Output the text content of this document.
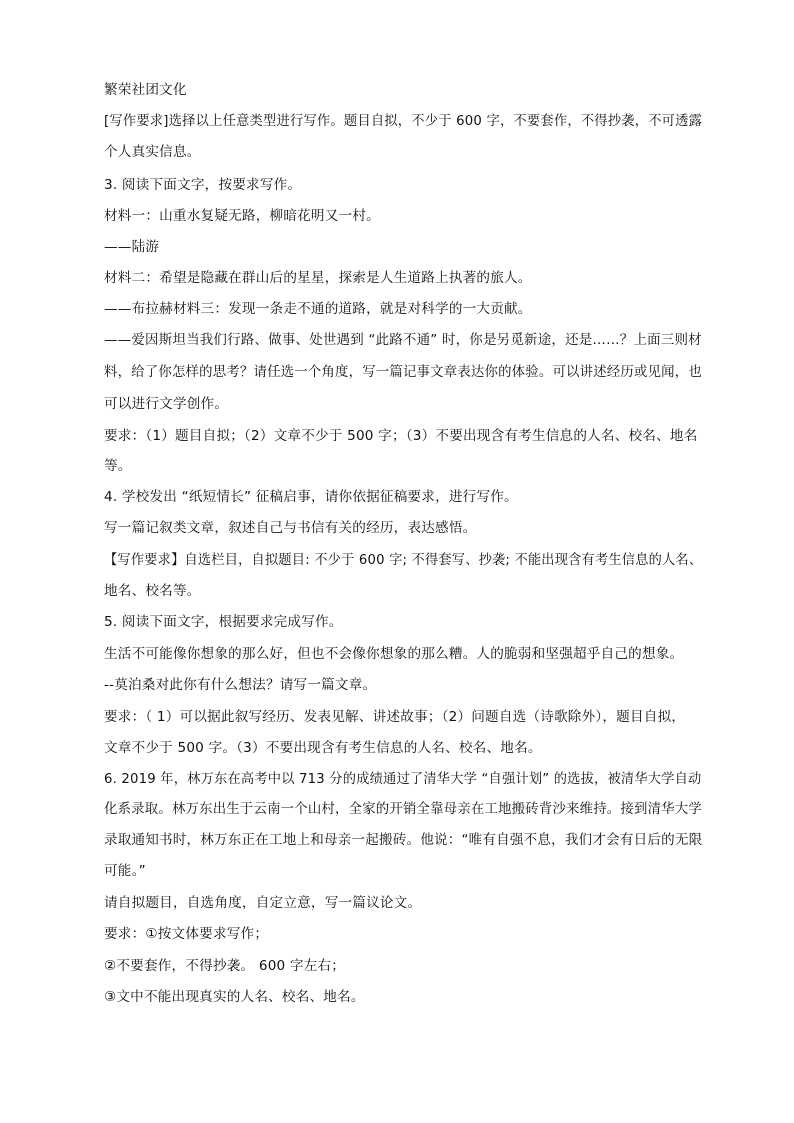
繁荣社团文化
[写作要求]选择以上任意类型进行写作。题目自拟，不少于 600 字，不要套作，不得抄袭，不可透露
个人真实信息。
3. 阅读下面文字，按要求写作。
材料一：山重水复疑无路，柳暗花明又一村。
——陆游
材料二：希望是隐藏在群山后的星星，探索是人生道路上执著的旅人。
——布拉赫材料三：发现一条走不通的道路，就是对科学的一大贡献。
——爱因斯坦当我们行路、做事、处世遇到 “此路不通” 时，你是另觅新途，还是……？上面三则材
料，给了你怎样的思考？请任选一个角度，写一篇记事文章表达你的体验。可以讲述经历或见闻，也
可以进行文学创作。
要求：（1）题目自拟；（2）文章不少于 500 字；（3）不要出现含有考生信息的人名、校名、地名
等。
4. 学校发出 “纸短情长” 征稿启事，请你依据征稿要求，进行写作。
写一篇记叙类文章，叙述自己与书信有关的经历，表达感悟。
【写作要求】自选栏目，自拟题目: 不少于 600 字; 不得套写、抄袭; 不能出现含有考生信息的人名、
地名、校名等。
5. 阅读下面文字，根据要求完成写作。
生活不可能像你想象的那么好，但也不会像你想象的那么糟。人的脆弱和坚强超乎自己的想象。
--莫泊桑对此你有什么想法？请写一篇文章。
要求：（ 1）可以据此叙写经历、发表见解、讲述故事；（2）问题自选（诗歌除外），题目自拟，
文章不少于 500 字。（3）不要出现含有考生信息的人名、校名、地名。
6. 2019 年，林万东在高考中以 713 分的成绩通过了清华大学 “自强计划” 的选拔，被清华大学自动
化系录取。林万东出生于云南一个山村，全家的开销全靠母亲在工地搬砖背沙来维持。接到清华大学
录取通知书时，林万东正在工地上和母亲一起搬砖。他说：“唯有自强不息，我们才会有日后的无限
可能。”
请自拟题目，自选角度，自定立意，写一篇议论文。
要求：①按文体要求写作；
②不要套作，不得抄袭。 600 字左右；
③文中不能出现真实的人名、校名、地名。
